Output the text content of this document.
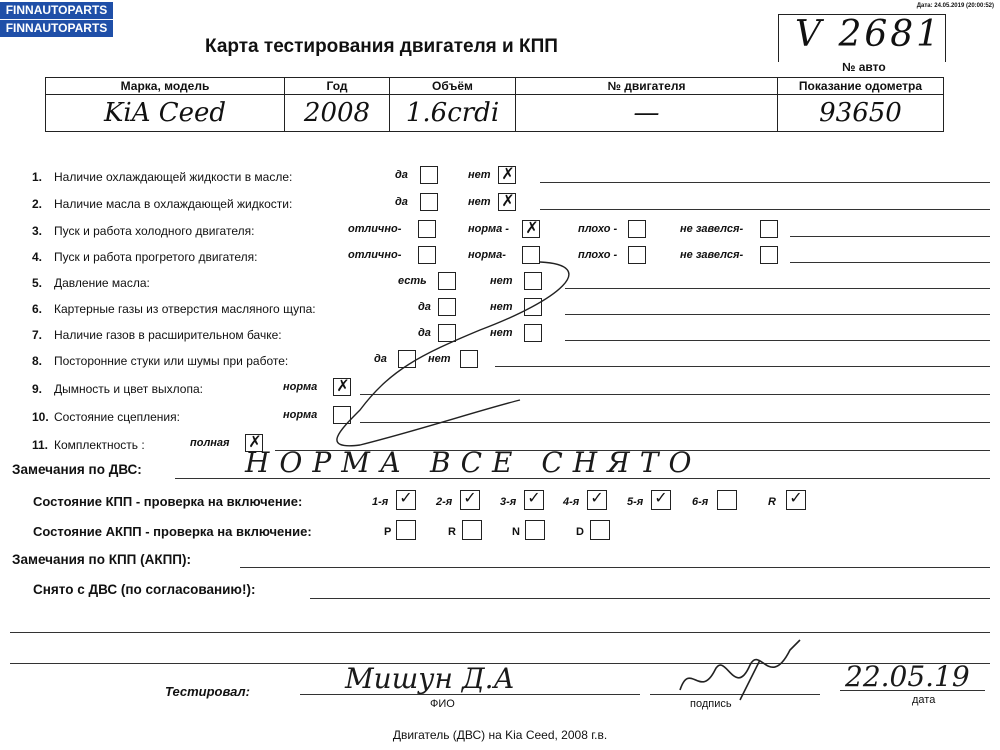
FINNAUTOPARTS
FINNAUTOPARTS
Дата: 24.05.2019 (20:00:52)
Карта тестирования двигателя и КПП	V 2681
№ авто
Марка, модель	Год	Объём	№ двигателя	Показание одометра
KiA Ceed	2008	1.6crdi	—	93650
1. Наличие охлаждающей жидкости в масле:	да	нет ✗
2. Наличие масла в охлаждающей жидкости:	да	нет ✗
3. Пуск и работа холодного двигателя:	отлично-	норма - ✗	плохо -	не завелся-
4. Пуск и работа прогретого двигателя:	отлично-	норма-	плохо -	не завелся-
5. Давление масла:	есть	нет
6. Картерные газы из отверстия масляного щупа:	да	нет
7. Наличие газов в расширительном бачке:	да	нет
8. Посторонние стуки или шумы при работе:	да	нет
9. Дымность и цвет выхлопа:	норма ✗
10. Состояние сцепления:	норма
11. Комплектность :	полная ✗
Замечания по ДВС:	НОРМА ВСЕ СНЯТО
Состояние КПП - проверка на включение:	1-я ✓ 2-я ✓ 3-я ✓ 4-я ✓ 5-я ✓ 6-я	R ✓
Состояние АКПП - проверка на включение:	P	R	N	D
Замечания по КПП (АКПП):
Снято с ДВС (по согласованию!):
Тестировал:	Мишун Д.А
ФИО	подпись
22.05.19
дата
Двигатель (ДВС) на Kia Ceed, 2008 г.в.
